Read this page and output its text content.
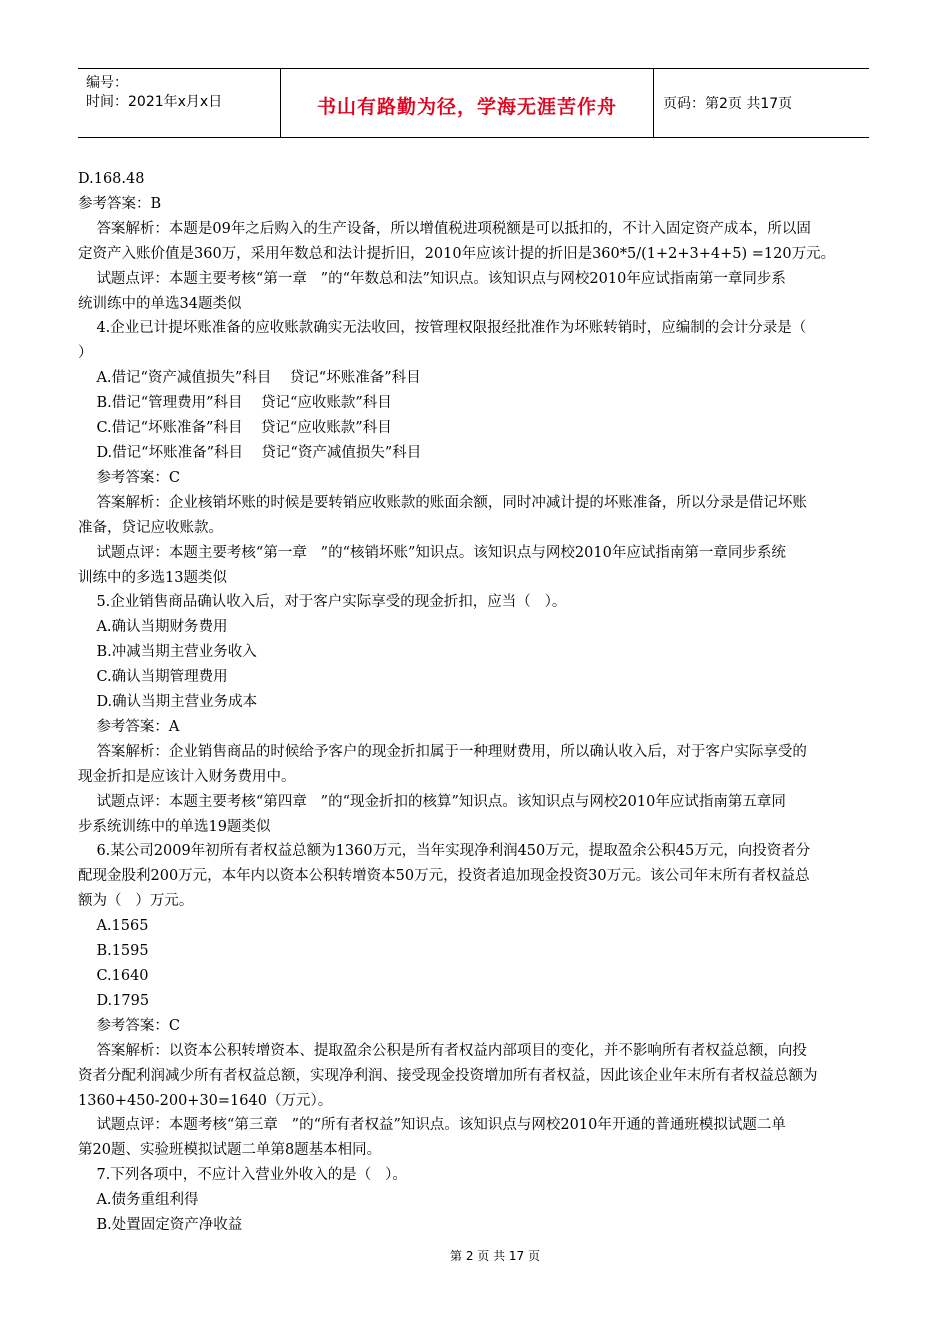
编号：
时间：2021年x月x日	书山有路勤为径，学海无涯苦作舟	页码：第2页 共17页
D.168.48
参考答案：B
答案解析：本题是09年之后购入的生产设备，所以增值税进项税额是可以抵扣的，不计入固定资产成本，所以固
定资产入账价值是360万，采用年数总和法计提折旧，2010年应该计提的折旧是360*5/(1+2+3+4+5) =120万元。
试题点评：本题主要考核“第一章   ”的“年数总和法”知识点。该知识点与网校2010年应试指南第一章同步系
统训练中的单选34题类似
4.企业已计提坏账准备的应收账款确实无法收回，按管理权限报经批准作为坏账转销时，应编制的会计分录是（
）
A.借记“资产减值损失”科目    贷记“坏账准备”科目
B.借记“管理费用”科目    贷记“应收账款”科目
C.借记“坏账准备”科目    贷记“应收账款”科目
D.借记“坏账准备”科目    贷记“资产减值损失”科目
参考答案：C
答案解析：企业核销坏账的时候是要转销应收账款的账面余额，同时冲减计提的坏账准备，所以分录是借记坏账
准备，贷记应收账款。
试题点评：本题主要考核“第一章   ”的“核销坏账”知识点。该知识点与网校2010年应试指南第一章同步系统
训练中的多选13题类似
5.企业销售商品确认收入后，对于客户实际享受的现金折扣，应当（   ）。
A.确认当期财务费用
B.冲减当期主营业务收入
C.确认当期管理费用
D.确认当期主营业务成本
参考答案：A
答案解析：企业销售商品的时候给予客户的现金折扣属于一种理财费用，所以确认收入后，对于客户实际享受的
现金折扣是应该计入财务费用中。
试题点评：本题主要考核“第四章   ”的“现金折扣的核算”知识点。该知识点与网校2010年应试指南第五章同
步系统训练中的单选19题类似
6.某公司2009年初所有者权益总额为1360万元，当年实现净利润450万元，提取盈余公积45万元，向投资者分
配现金股利200万元，本年内以资本公积转增资本50万元，投资者追加现金投资30万元。该公司年末所有者权益总
额为（   ）万元。
A.1565
B.1595
C.1640
D.1795
参考答案：C
答案解析：以资本公积转增资本、提取盈余公积是所有者权益内部项目的变化，并不影响所有者权益总额，向投
资者分配利润减少所有者权益总额，实现净利润、接受现金投资增加所有者权益，因此该企业年末所有者权益总额为
1360+450-200+30=1640（万元）。
试题点评：本题考核“第三章   ”的“所有者权益”知识点。该知识点与网校2010年开通的普通班模拟试题二单
第20题、实验班模拟试题二单第8题基本相同。
7.下列各项中，不应计入营业外收入的是（   ）。
A.债务重组利得
B.处置固定资产净收益
第 2 页 共 17 页
